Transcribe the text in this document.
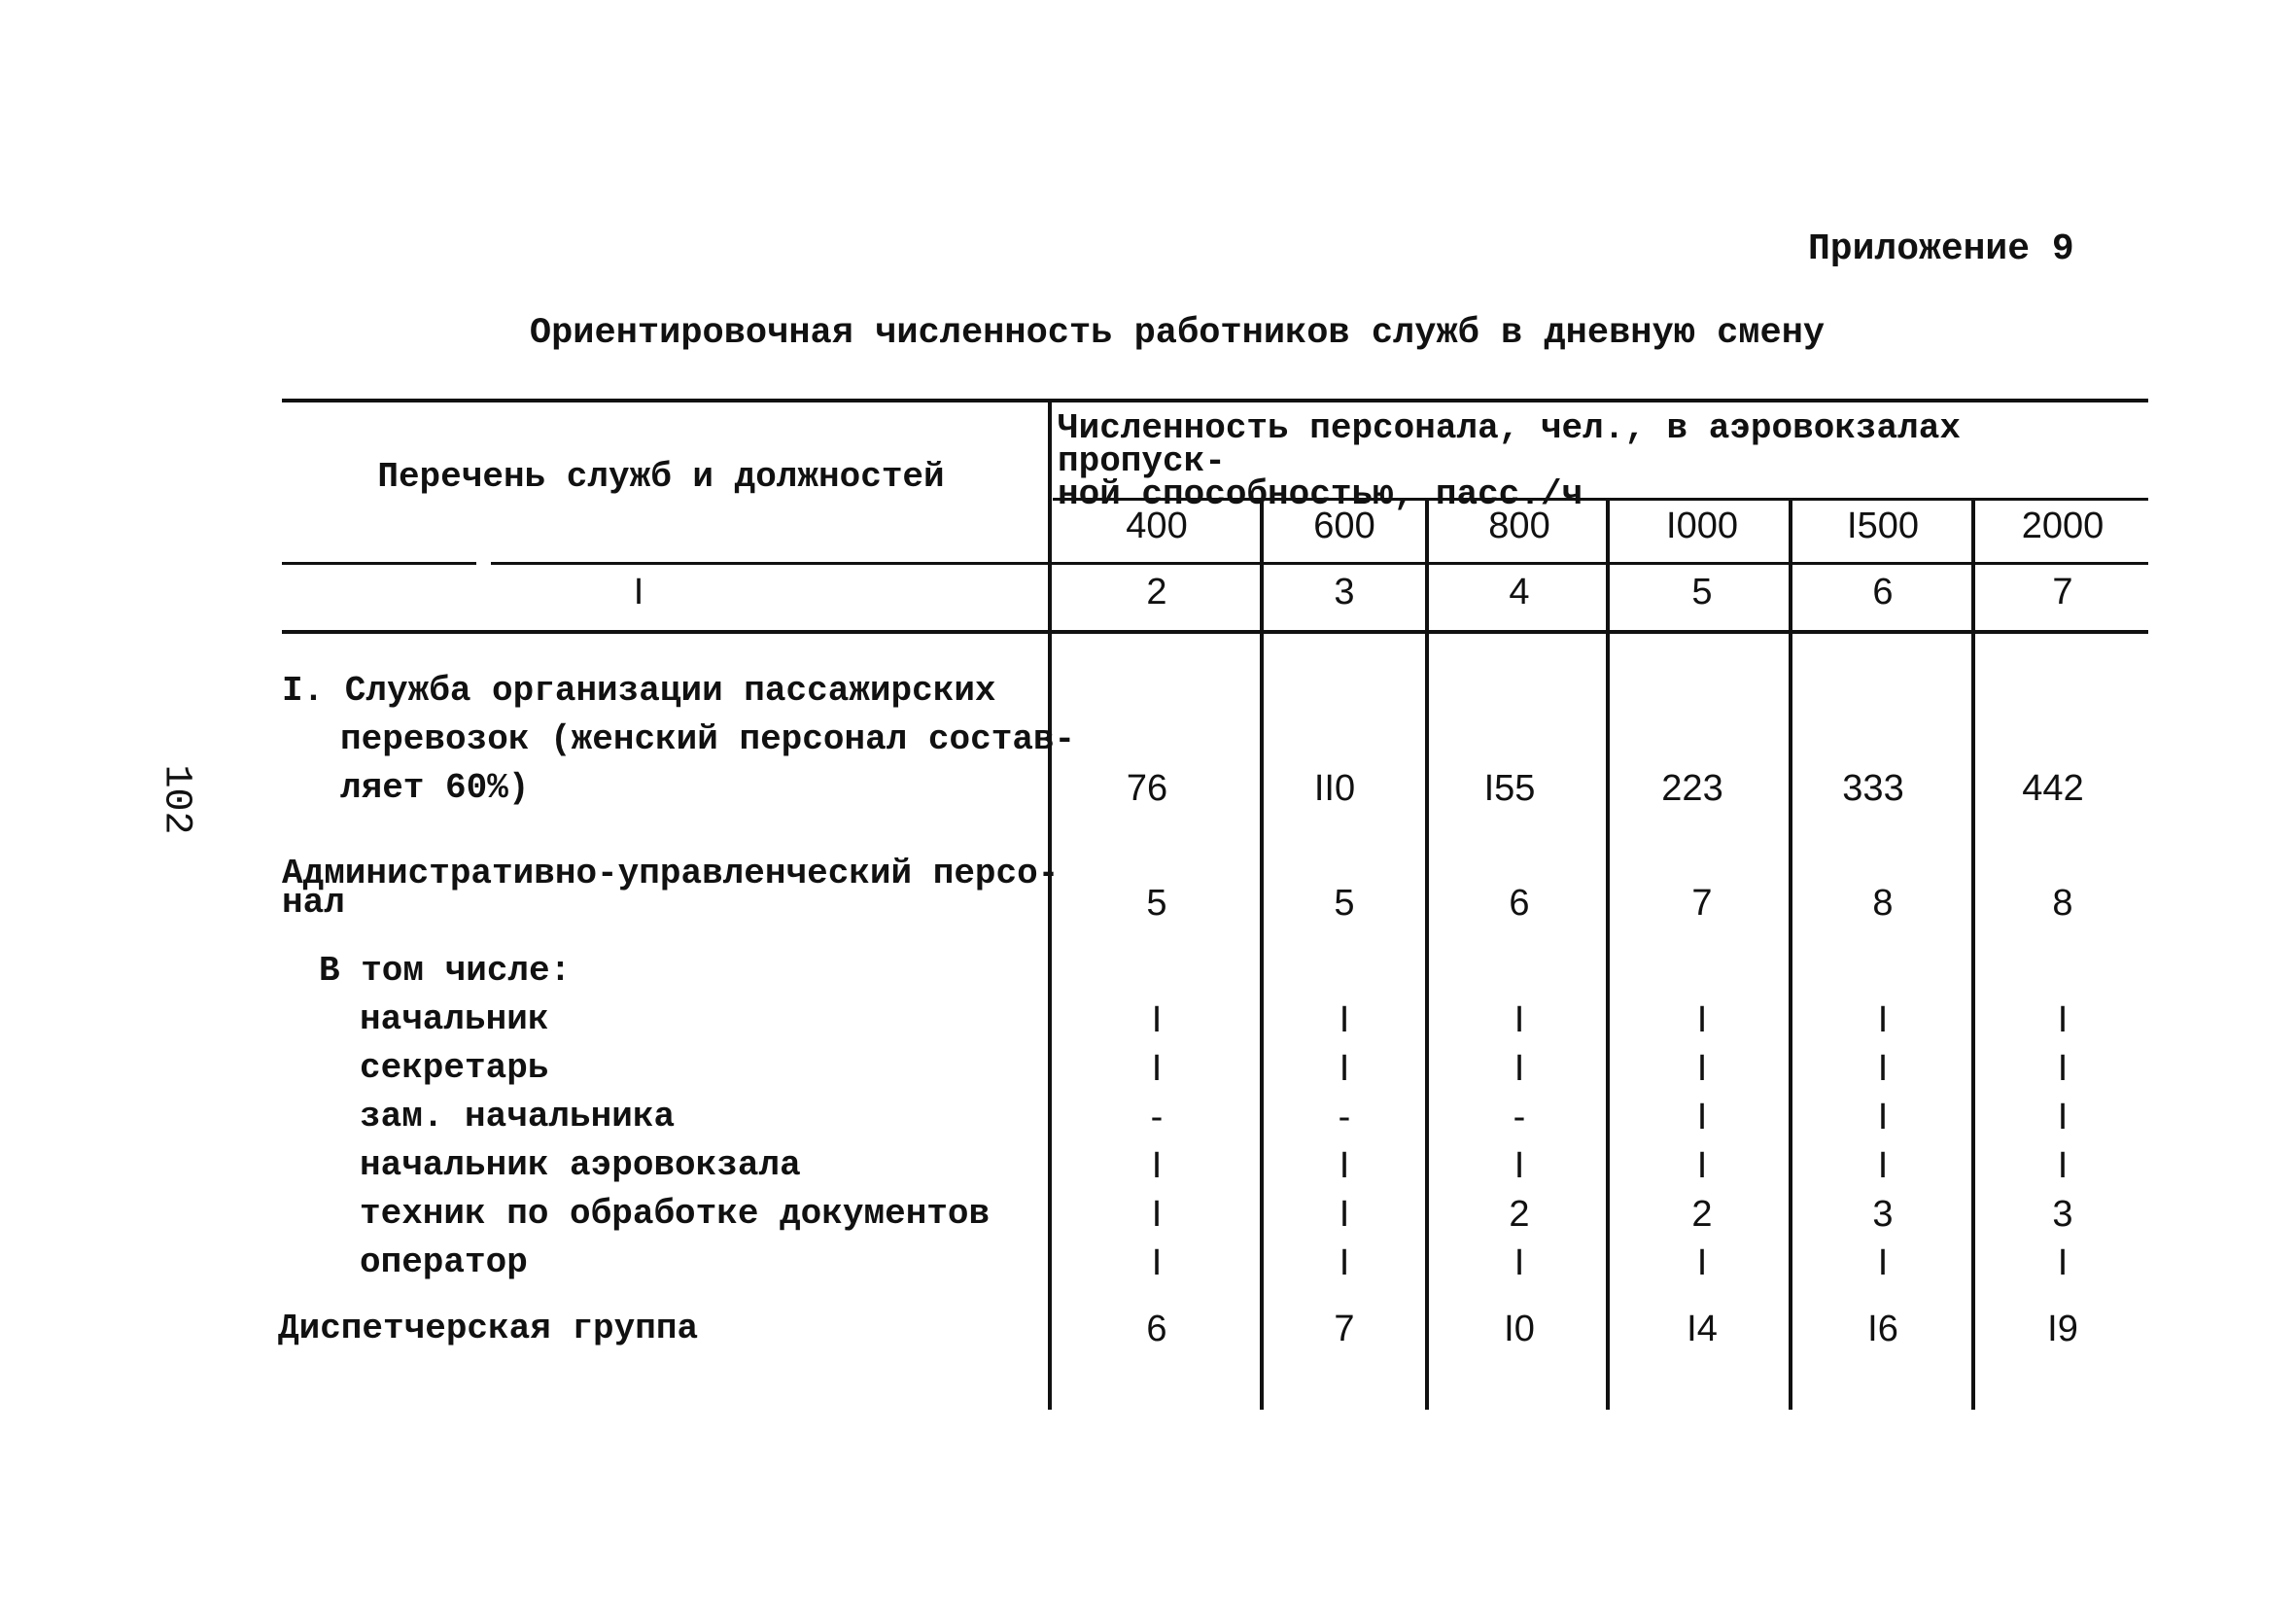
Приложение 9
Ориентировочная численность работников служб в дневную смену
102
Перечень служб и должностей
Численность персонала, чел., в аэровокзалах пропуск-
ной способностью, пасс./ч
400	600	800	I000	I500	2000
I	2	3	4	5	6	7
I. Служба организации пассажирских
перевозок (женский персонал состав-
ляет 60%)	76	II0	I55	223	333	442
Административно-управленческий персо-
нал	5	5	6	7	8	8
В том числе:
начальник	I	I	I	I	I	I
секретарь	I	I	I	I	I	I
зам. начальника	-	-	-	I	I	I
начальник аэровокзала	I	I	I	I	I	I
техник по обработке документов	I	I	2	2	3	3
оператор	I	I	I	I	I	I
Диспетчерская группа	6	7	I0	I4	I6	I9
